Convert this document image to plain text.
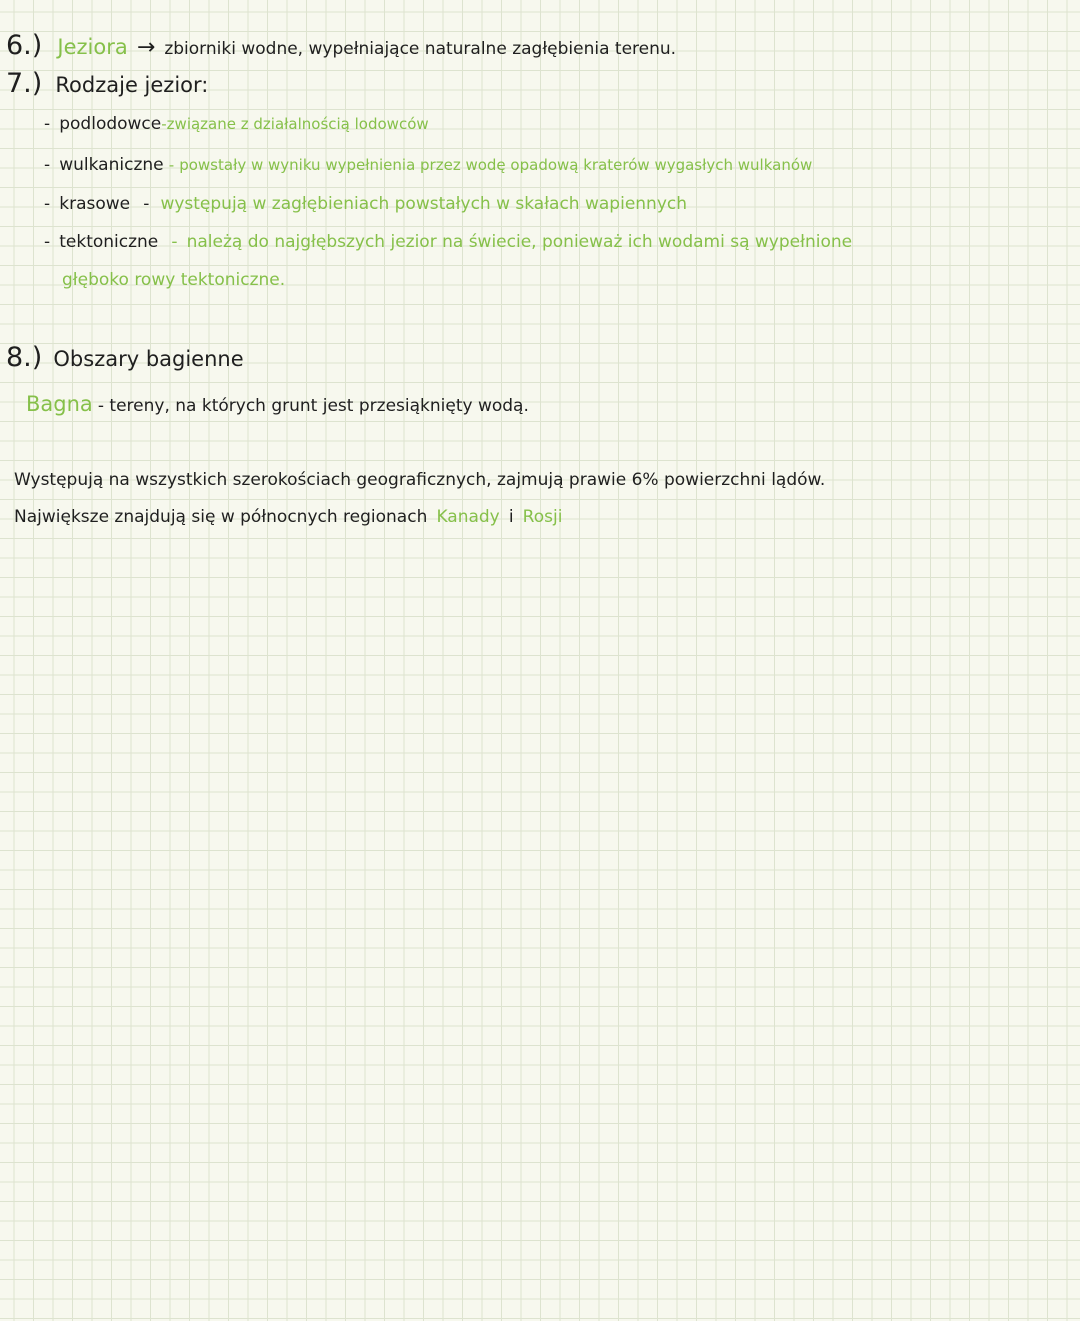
6.) Jeziora → zbiorniki wodne, wypełniające naturalne zagłębienia terenu.
7.) Rodzaje jezior:
- podlodowce-związane z działalnością lodowców
- wulkaniczne - powstały w wyniku wypełnienia przez wodę opadową kraterów wygasłych wulkanów
- krasowe - występują w zagłębieniach powstałych w skałach wapiennych
- tektoniczne - należą do najgłębszych jezior na świecie, ponieważ ich wodami są wypełnione
głęboko rowy tektoniczne.
8.) Obszary bagienne
Bagna - tereny, na których grunt jest przesiąknięty wodą.
Występują na wszystkich szerokościach geograficznych, zajmują prawie 6% powierzchni lądów.
Największe znajdują się w północnych regionach Kanady i Rosji
